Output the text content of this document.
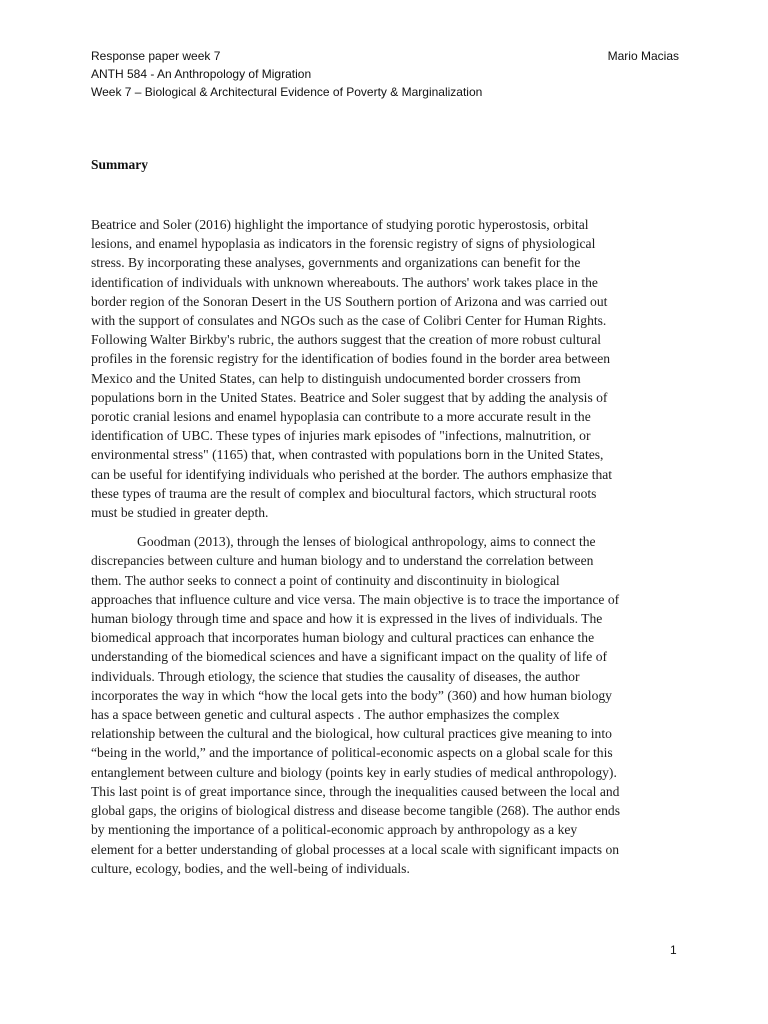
Response paper week 7	Mario Macias
ANTH 584 - An Anthropology of Migration
Week 7 – Biological & Architectural Evidence of Poverty & Marginalization
Summary

Beatrice and Soler (2016) highlight the importance of studying porotic hyperostosis, orbital
lesions, and enamel hypoplasia as indicators in the forensic registry of signs of physiological
stress. By incorporating these analyses, governments and organizations can benefit for the
identification of individuals with unknown whereabouts. The authors' work takes place in the
border region of the Sonoran Desert in the US Southern portion of Arizona and was carried out
with the support of consulates and NGOs such as the case of Colibri Center for Human Rights.
Following Walter Birkby's rubric, the authors suggest that the creation of more robust cultural
profiles in the forensic registry for the identification of bodies found in the border area between
Mexico and the United States, can help to distinguish undocumented border crossers from
populations born in the United States. Beatrice and Soler suggest that by adding the analysis of
porotic cranial lesions and enamel hypoplasia can contribute to a more accurate result in the
identification of UBC. These types of injuries mark episodes of "infections, malnutrition, or
environmental stress" (1165) that, when contrasted with populations born in the United States,
can be useful for identifying individuals who perished at the border. The authors emphasize that
these types of trauma are the result of complex and biocultural factors, which structural roots
must be studied in greater depth.

Goodman (2013), through the lenses of biological anthropology, aims to connect the
discrepancies between culture and human biology and to understand the correlation between
them. The author seeks to connect a point of continuity and discontinuity in biological
approaches that influence culture and vice versa. The main objective is to trace the importance of
human biology through time and space and how it is expressed in the lives of individuals. The
biomedical approach that incorporates human biology and cultural practices can enhance the
understanding of the biomedical sciences and have a significant impact on the quality of life of
individuals. Through etiology, the science that studies the causality of diseases, the author
incorporates the way in which “how the local gets into the body” (360) and how human biology
has a space between genetic and cultural aspects . The author emphasizes the complex
relationship between the cultural and the biological, how cultural practices give meaning to into
“being in the world,” and the importance of political-economic aspects on a global scale for this
entanglement between culture and biology (points key in early studies of medical anthropology).
This last point is of great importance since, through the inequalities caused between the local and
global gaps, the origins of biological distress and disease become tangible (268). The author ends
by mentioning the importance of a political-economic approach by anthropology as a key
element for a better understanding of global processes at a local scale with significant impacts on
culture, ecology, bodies, and the well-being of individuals.

1
